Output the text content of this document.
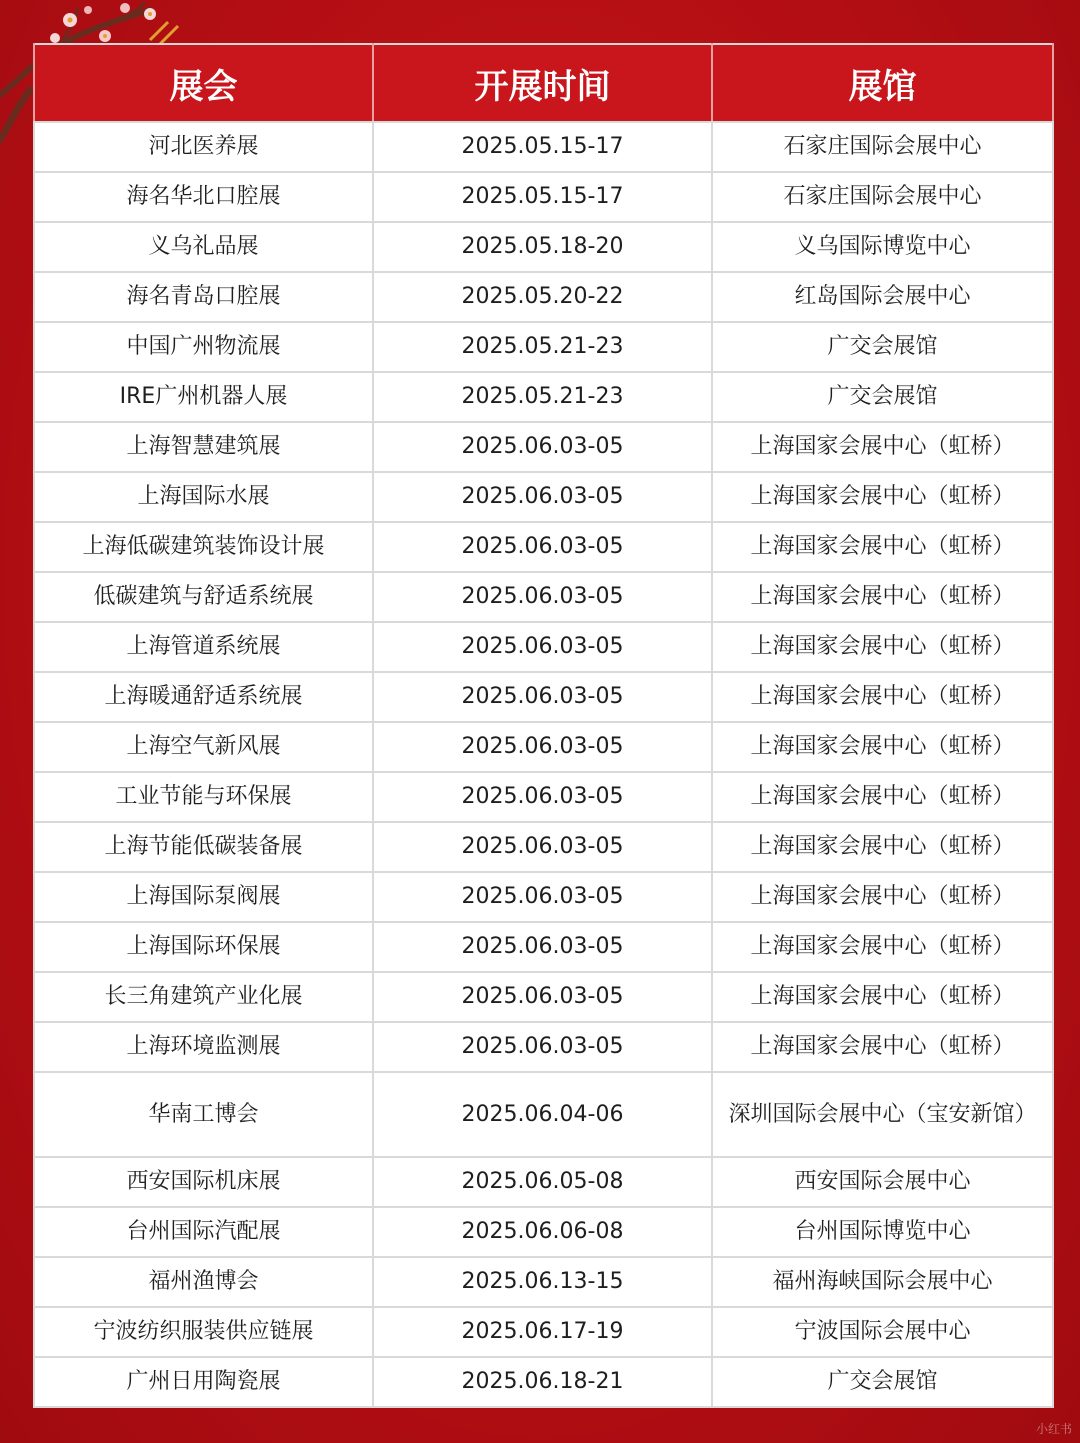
展会	开展时间	展馆
河北医养展	2025.05.15-17	石家庄国际会展中心
海名华北口腔展	2025.05.15-17	石家庄国际会展中心
义乌礼品展	2025.05.18-20	义乌国际博览中心
海名青岛口腔展	2025.05.20-22	红岛国际会展中心
中国广州物流展	2025.05.21-23	广交会展馆
IRE广州机器人展	2025.05.21-23	广交会展馆
上海智慧建筑展	2025.06.03-05	上海国家会展中心（虹桥）
上海国际水展	2025.06.03-05	上海国家会展中心（虹桥）
上海低碳建筑装饰设计展	2025.06.03-05	上海国家会展中心（虹桥）
低碳建筑与舒适系统展	2025.06.03-05	上海国家会展中心（虹桥）
上海管道系统展	2025.06.03-05	上海国家会展中心（虹桥）
上海暖通舒适系统展	2025.06.03-05	上海国家会展中心（虹桥）
上海空气新风展	2025.06.03-05	上海国家会展中心（虹桥）
工业节能与环保展	2025.06.03-05	上海国家会展中心（虹桥）
上海节能低碳装备展	2025.06.03-05	上海国家会展中心（虹桥）
上海国际泵阀展	2025.06.03-05	上海国家会展中心（虹桥）
上海国际环保展	2025.06.03-05	上海国家会展中心（虹桥）
长三角建筑产业化展	2025.06.03-05	上海国家会展中心（虹桥）
上海环境监测展	2025.06.03-05	上海国家会展中心（虹桥）
华南工博会	2025.06.04-06	深圳国际会展中心（宝安新馆）
西安国际机床展	2025.06.05-08	西安国际会展中心
台州国际汽配展	2025.06.06-08	台州国际博览中心
福州渔博会	2025.06.13-15	福州海峡国际会展中心
宁波纺织服装供应链展	2025.06.17-19	宁波国际会展中心
广州日用陶瓷展	2025.06.18-21	广交会展馆
小红书
